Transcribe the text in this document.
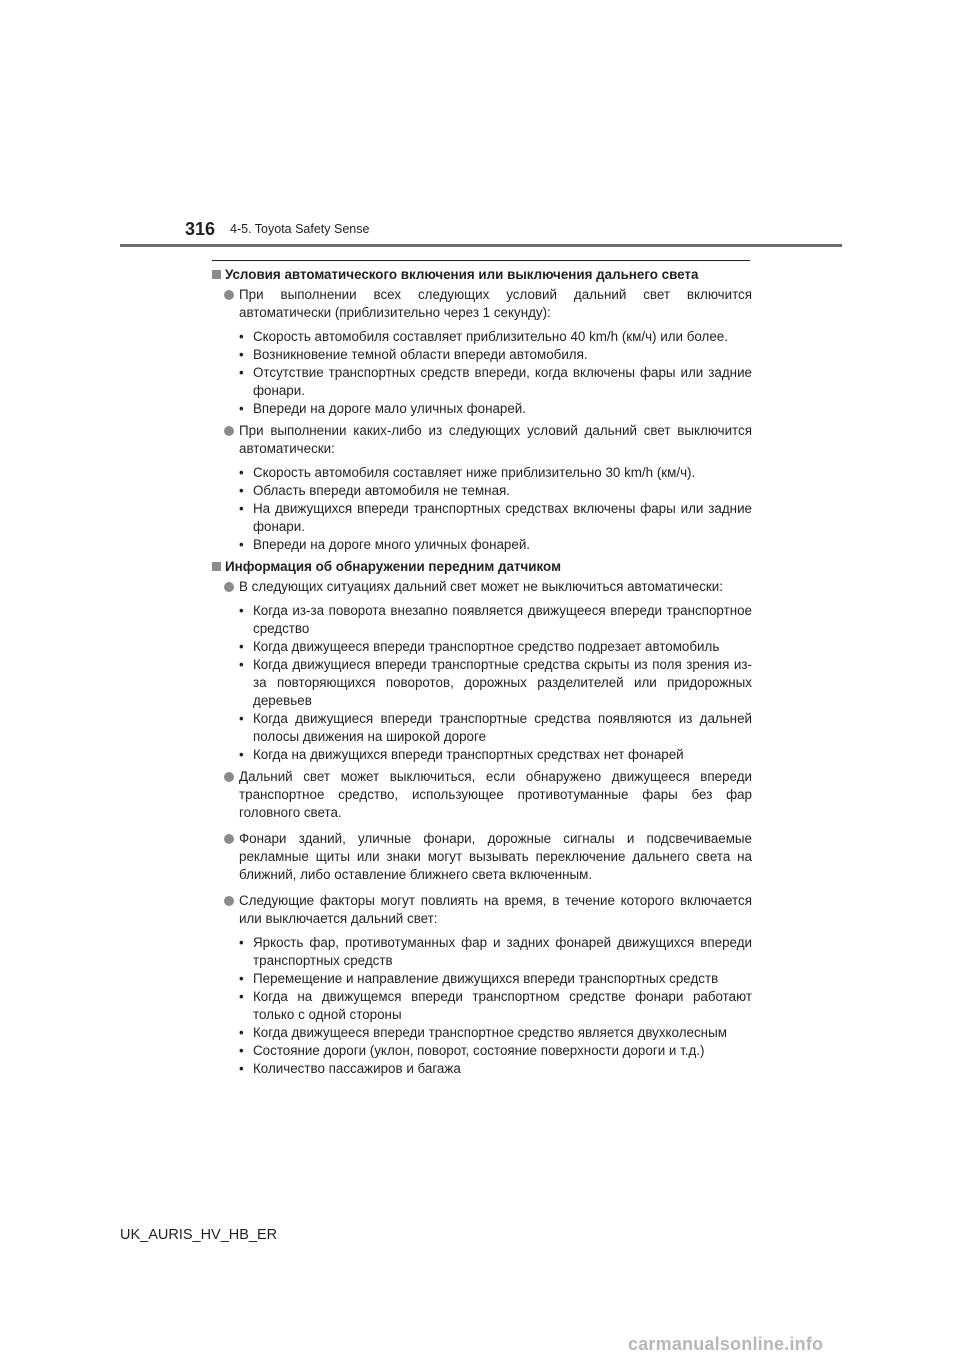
316 4-5. Toyota Safety Sense
Условия автоматического включения или выключения дальнего света
При выполнении всех следующих условий дальний свет включится автоматически (приблизительно через 1 секунду):
• Скорость автомобиля составляет приблизительно 40 km/h (км/ч) или более.
• Возникновение темной области впереди автомобиля.
• Отсутствие транспортных средств впереди, когда включены фары или задние фонари.
• Впереди на дороге мало уличных фонарей.
При выполнении каких-либо из следующих условий дальний свет выключится автоматически:
• Скорость автомобиля составляет ниже приблизительно 30 km/h (км/ч).
• Область впереди автомобиля не темная.
• На движущихся впереди транспортных средствах включены фары или задние фонари.
• Впереди на дороге много уличных фонарей.
Информация об обнаружении передним датчиком
В следующих ситуациях дальний свет может не выключиться автоматически:
• Когда из-за поворота внезапно появляется движущееся впереди транспортное средство
• Когда движущееся впереди транспортное средство подрезает автомобиль
• Когда движущиеся впереди транспортные средства скрыты из поля зрения из-за повторяющихся поворотов, дорожных разделителей или придорожных деревьев
• Когда движущиеся впереди транспортные средства появляются из дальней полосы движения на широкой дороге
• Когда на движущихся впереди транспортных средствах нет фонарей
Дальний свет может выключиться, если обнаружено движущееся впереди транспортное средство, использующее противотуманные фары без фар головного света.
Фонари зданий, уличные фонари, дорожные сигналы и подсвечиваемые рекламные щиты или знаки могут вызывать переключение дальнего света на ближний, либо оставление ближнего света включенным.
Следующие факторы могут повлиять на время, в течение которого включается или выключается дальний свет:
• Яркость фар, противотуманных фар и задних фонарей движущихся впереди транспортных средств
• Перемещение и направление движущихся впереди транспортных средств
• Когда на движущемся впереди транспортном средстве фонари работают только с одной стороны
• Когда движущееся впереди транспортное средство является двухколесным
• Состояние дороги (уклон, поворот, состояние поверхности дороги и т.д.)
• Количество пассажиров и багажа
UK_AURIS_HV_HB_ER
carmanualsonline.info
